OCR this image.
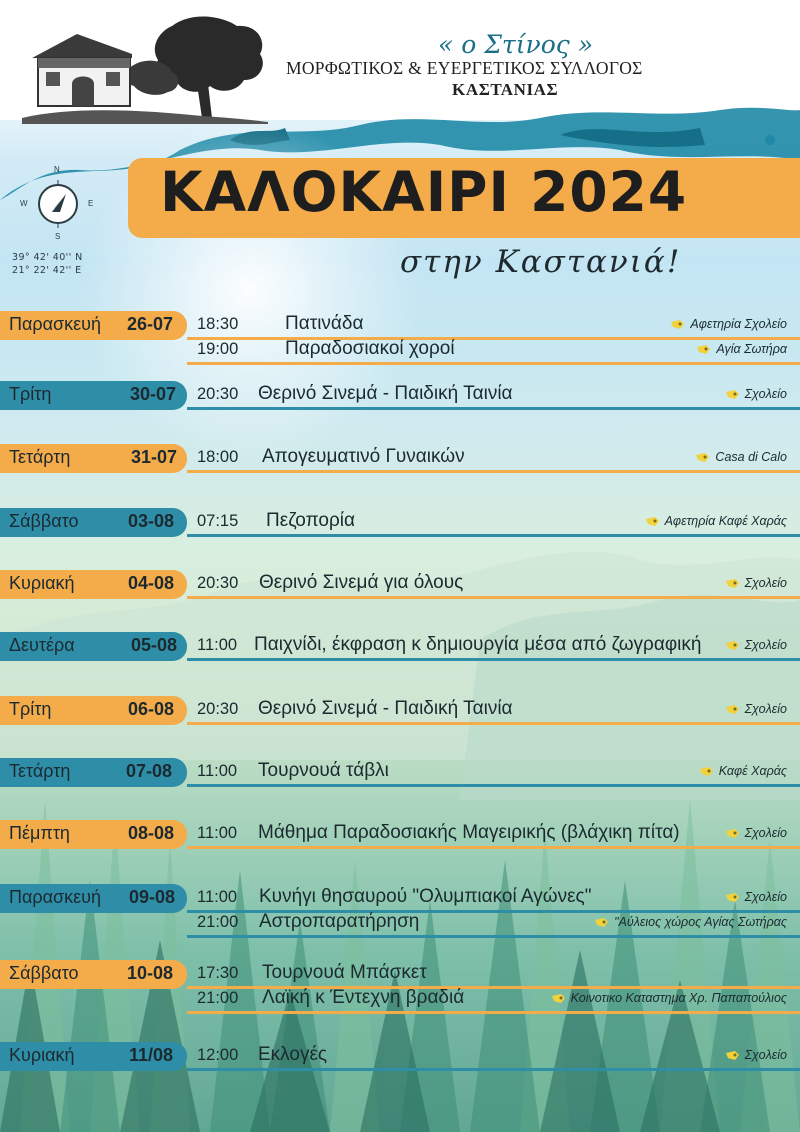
« ο Στίνος »
ΜΟΡΦΩΤΙΚΟΣ & ΕΥΕΡΓΕΤΙΚΟΣ ΣΥΛΛΟΓΟΣ
ΚΑΣΤΑΝΙΑΣ
N
S
E
W
39° 42' 40'' N
21° 22' 42'' E
ΚΑΛΟΚΑΙΡΙ 2024
στην Καστανιά!
Παρασκευή 26-07 18:30 Πατινάδα	Αφετηρία Σχολείο
19:00 Παραδοσιακοί χοροί	Αγία Σωτήρα
Τρίτη	30-07 20:30 Θερινό Σινεμά - Παιδική Ταινία	Σχολείο
Τετάρτη	31-07 18:00 Απογευματινό Γυναικών	Casa di Calo
Σάββατο	03-08 07:15 Πεζοπορία	Αφετηρία Καφέ Χαράς
Κυριακή	04-08 20:30 Θερινό Σινεμά για όλους	Σχολείο
Δευτέρα	05-08 11:00 Παιχνίδι, έκφραση κ δημιουργία μέσα από ζωγραφική	Σχολείο
Τρίτη	06-08 20:30 Θερινό Σινεμά - Παιδική Ταινία	Σχολείο
Τετάρτη	07-08 11:00 Τουρνουά τάβλι	Καφέ Χαράς
Πέμπτη	08-08 11:00 Μάθημα Παραδοσιακής Μαγειρικής (βλάχικη πίτα)	Σχολείο
Παρασκευή 09-08 11:00 Κυνήγι θησαυρού "Ολυμπιακοί Αγώνες"	Σχολείο
21:00 Αστροπαρατήρηση	"Αύλειος χώρος Αγίας Σωτήρας
Σάββατο	10-08 17:30 Τουρνουά Μπάσκετ
21:00 Λαϊκή κ Έντεχνη βραδιά	Κοινοτικο Καταστημα Χρ. Παπαπούλιος
Κυριακή	11/08 12:00 Εκλογές	Σχολείο
